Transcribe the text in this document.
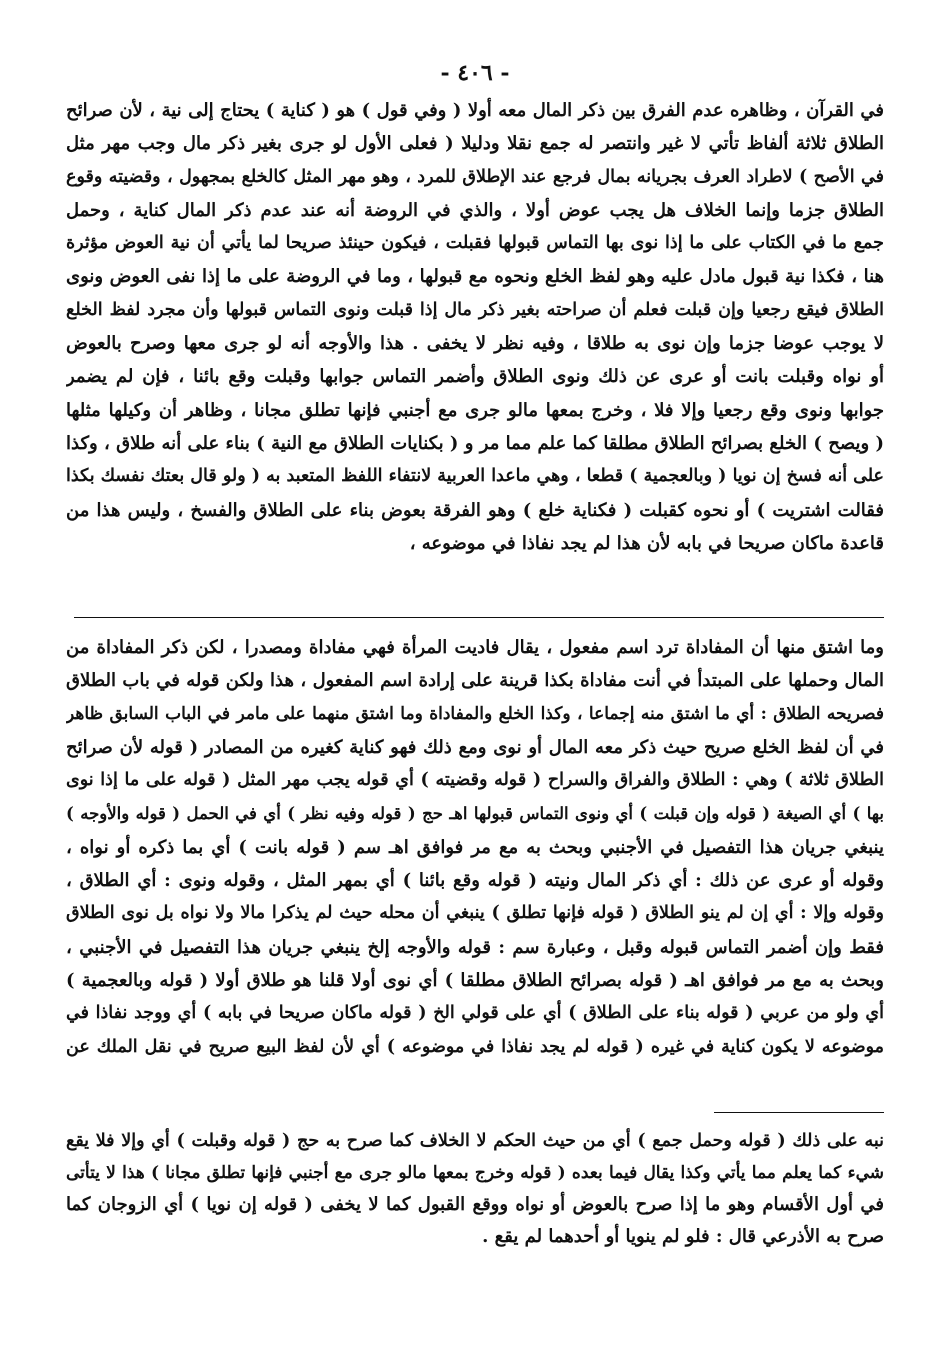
- ٤٠٦ -
في القرآن ، وظاهره عدم الفرق بين ذكر المال معه أولا ( وفي قول ) هو ( كناية ) يحتاج إلى نية ، لأن صرائح
الطلاق ثلاثة ألفاظ تأتي لا غير وانتصر له جمع نقلا ودليلا ( فعلى الأول لو جرى بغير ذكر مال وجب مهر مثل
في الأصح ) لاطراد العرف بجريانه بمال فرجع عند الإطلاق للمرد ، وهو مهر المثل كالخلع بمجهول ، وقضيته وقوع
الطلاق جزما وإنما الخلاف هل يجب عوض أولا ، والذي في الروضة أنه عند عدم ذكر المال كناية ، وحمل
جمع ما في الكتاب على ما إذا نوى بها التماس قبولها فقبلت ، فيكون حينئذ صريحا لما يأتي أن نية العوض مؤثرة
هنا ، فكذا نية قبول مادل عليه وهو لفظ الخلع ونحوه مع قبولها ، وما في الروضة على ما إذا نفى العوض ونوى
الطلاق فيقع رجعيا وإن قبلت فعلم أن صراحته بغير ذكر مال إذا قبلت ونوى التماس قبولها وأن مجرد لفظ الخلع
لا يوجب عوضا جزما وإن نوى به طلاقا ، وفيه نظر لا يخفى . هذا والأوجه أنه لو جرى معها وصرح بالعوض
أو نواه وقبلت بانت أو عرى عن ذلك ونوى الطلاق وأضمر التماس جوابها وقبلت وقع بائنا ، فإن لم يضمر
جوابها ونوى وقع رجعيا وإلا فلا ، وخرج بمعها مالو جرى مع أجنبي فإنها تطلق مجانا ، وظاهر أن وكيلها مثلها
( ويصح ) الخلع بصرائح الطلاق مطلقا كما علم مما مر و ( بكنايات الطلاق مع النية ) بناء على أنه طلاق ، وكذا
على أنه فسخ إن نويا ( وبالعجمية ) قطعا ، وهي ماعدا العربية لانتفاء اللفظ المتعبد به ( ولو قال بعتك نفسك بكذا
فقالت اشتريت ) أو نحوه كقبلت ( فكناية خلع ) وهو الفرقة بعوض بناء على الطلاق والفسخ ، وليس هذا من
قاعدة ماكان صريحا في بابه لأن هذا لم يجد نفاذا في موضوعه ،
وما اشتق منها أن المفاداة ترد اسم مفعول ، يقال فاديت المرأة فهي مفاداة ومصدرا ، لكن ذكر المفاداة من
المال وحملها على المبتدأ في أنت مفاداة بكذا قرينة على إرادة اسم المفعول ، هذا ولكن قوله في باب الطلاق
فصريحه الطلاق : أي ما اشتق منه إجماعا ، وكذا الخلع والمفاداة وما اشتق منهما على مامر في الباب السابق ظاهر
في أن لفظ الخلع صريح حيث ذكر معه المال أو نوى ومع ذلك فهو كناية كغيره من المصادر ( قوله لأن صرائح
الطلاق ثلاثة ) وهي : الطلاق والفراق والسراح ( قوله وقضيته ) أي قوله يجب مهر المثل ( قوله على ما إذا نوى
بها ) أي الصيغة ( قوله وإن قبلت ) أي ونوى التماس قبولها اهـ حج ( قوله وفيه نظر ) أي في الحمل ( قوله والأوجه )
ينبغي جريان هذا التفصيل في الأجنبي وبحث به مع مر فوافق اهـ سم ( قوله بانت ) أي بما ذكره أو نواه ،
وقوله أو عرى عن ذلك : أي ذكر المال ونيته ( قوله وقع بائنا ) أي بمهر المثل ، وقوله ونوى : أي الطلاق ،
وقوله وإلا : أي إن لم ينو الطلاق ( قوله فإنها تطلق ) ينبغي أن محله حيث لم يذكرا مالا ولا نواه بل نوى الطلاق
فقط وإن أضمر التماس قبوله وقبل ، وعبارة سم : قوله والأوجه إلخ ينبغي جريان هذا التفصيل في الأجنبي ،
وبحث به مع مر فوافق اهـ ( قوله بصرائح الطلاق مطلقا ) أي نوى أولا قلنا هو طلاق أولا ( قوله وبالعجمية )
أي ولو من عربي ( قوله بناء على الطلاق ) أي على قولي الخ ( قوله ماكان صريحا في بابه ) أي ووجد نفاذا في
موضوعه لا يكون كناية في غيره ( قوله لم يجد نفاذا في موضوعه ) أي لأن لفظ البيع صريح في نقل الملك عن
نبه على ذلك ( قوله وحمل جمع ) أي من حيث الحكم لا الخلاف كما صرح به حج ( قوله وقبلت ) أي وإلا فلا يقع
شيء كما يعلم مما يأتي وكذا يقال فيما بعده ( قوله وخرج بمعها مالو جرى مع أجنبي فإنها تطلق مجانا ) هذا لا يتأتى
في أول الأقسام وهو ما إذا صرح بالعوض أو نواه ووقع القبول كما لا يخفى ( قوله إن نويا ) أي الزوجان كما
صرح به الأذرعي قال : فلو لم ينويا أو أحدهما لم يقع .
